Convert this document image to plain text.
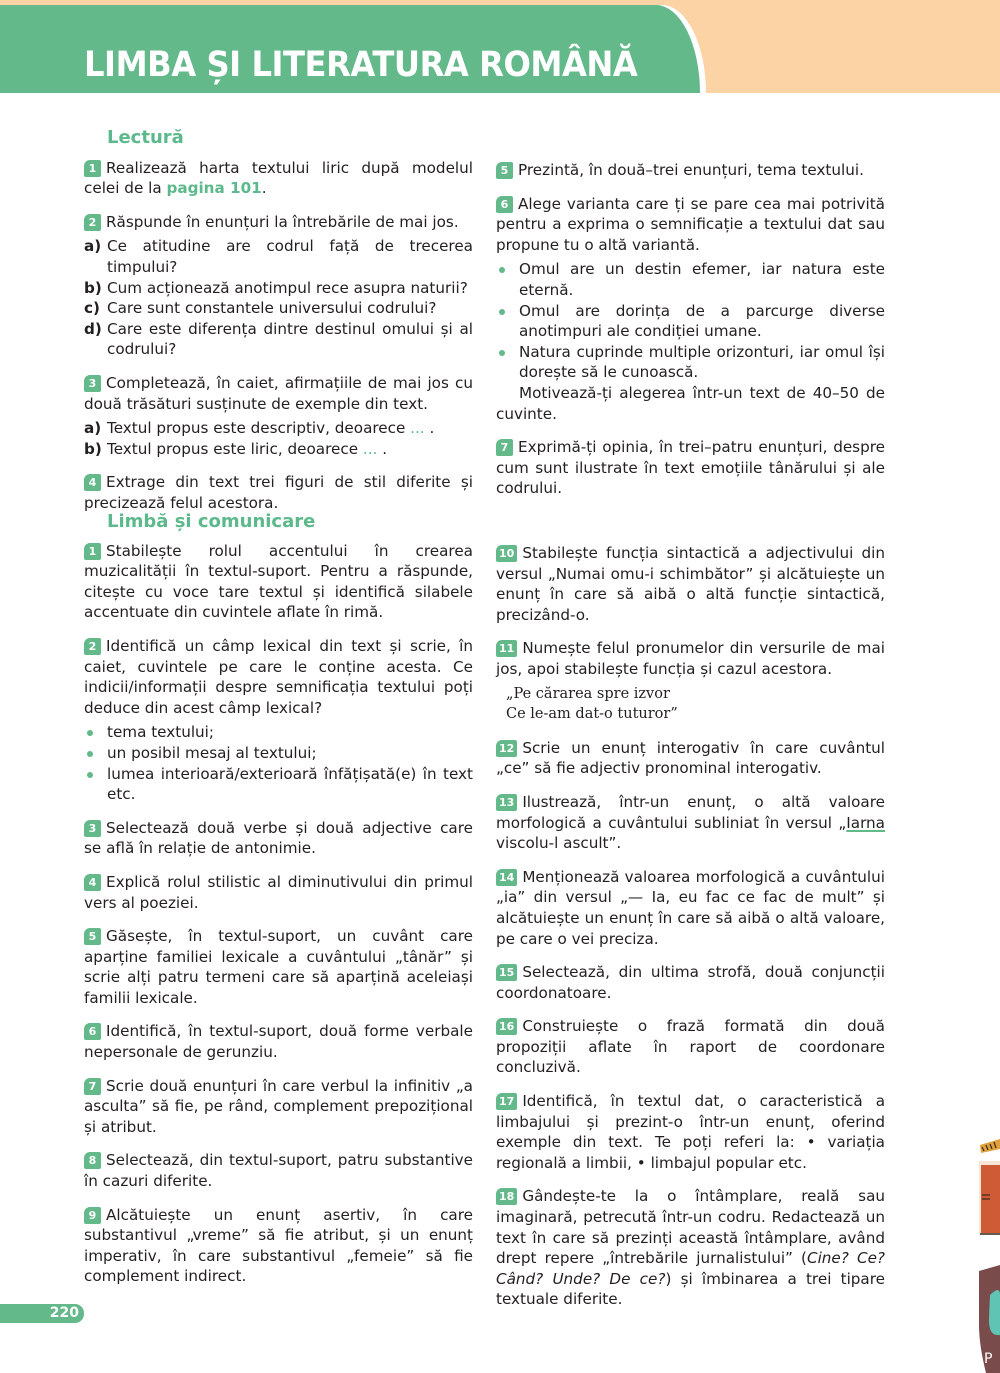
LIMBA ȘI LITERATURA ROMÂNĂ
Lectură

1 Realizează harta textului liric după modelul celei de la pagina 101.

2 Răspunde în enunțuri la întrebările de mai jos.

a) Ce atitudine are codrul față de trecerea timpului?
b) Cum acționează anotimpul rece asupra naturii?
c) Care sunt constantele universului codrului?
d) Care este diferența dintre destinul omului și al codrului?

3 Completează, în caiet, afirmațiile de mai jos cu două trăsături susținute de exemple din text.

a) Textul propus este descriptiv, deoarece ... .
b) Textul propus este liric, deoarece ... .

4 Extrage din text trei figuri de stil diferite și precizează felul acestora.

5 Prezintă, în două–trei enunțuri, tema textului.

6 Alege varianta care ți se pare cea mai potrivită pentru a exprima o semnificație a textului dat sau propune tu o altă variantă.

Omul are un destin efemer, iar natura este eternă.
Omul are dorința de a parcurge diverse anotimpuri ale condiției umane.
Natura cuprinde multiple orizonturi, iar omul își dorește să le cunoască.

Motivează-ți alegerea într-un text de 40–50 de cuvinte.

7 Exprimă-ți opinia, în trei–patru enunțuri, despre cum sunt ilustrate în text emoțiile tânărului și ale codrului.

Limbă și comunicare

1 Stabilește rolul accentului în crearea muzicalității în textul-suport. Pentru a răspunde, citește cu voce tare textul și identifică silabele accentuate din cuvintele aflate în rimă.

2 Identifică un câmp lexical din text și scrie, în caiet, cuvintele pe care le conține acesta. Ce indicii/informații despre semnificația textului poți deduce din acest câmp lexical?

tema textului;
un posibil mesaj al textului;
lumea interioară/exterioară înfățișată(e) în text etc.

3 Selectează două verbe și două adjective care se află în relație de antonimie.

4 Explică rolul stilistic al diminutivului din primul vers al poeziei.

5 Găsește, în textul-suport, un cuvânt care aparține familiei lexicale a cuvântului „tânăr” și scrie alți patru termeni care să aparțină aceleiași familii lexicale.

6 Identifică, în textul-suport, două forme verbale nepersonale de gerunziu.

7 Scrie două enunțuri în care verbul la infinitiv „a asculta” să fie, pe rând, complement prepozițional și atribut.

8 Selectează, din textul-suport, patru substantive în cazuri diferite.

9 Alcătuiește un enunț asertiv, în care substantivul „vreme” să fie atribut, și un enunț imperativ, în care substantivul „femeie” să fie complement indirect.

10 Stabilește funcția sintactică a adjectivului din versul „Numai omu-i schimbător” și alcătuiește un enunț în care să aibă o altă funcție sintactică, precizând-o.

11 Numește felul pronumelor din versurile de mai jos, apoi stabilește funcția și cazul acestora.

„Pe cărarea spre izvor
Ce le-am dat-o tuturor”

12 Scrie un enunț interogativ în care cuvântul „ce” să fie adjectiv pronominal interogativ.

13 Ilustrează, într-un enunț, o altă valoare morfologică a cuvântului subliniat în versul „Iarna viscolu-l ascult”.

14 Menționează valoarea morfologică a cuvântului „ia” din versul „— Ia, eu fac ce fac de mult” și alcătuiește un enunț în care să aibă o altă valoare, pe care o vei preciza.

15 Selectează, din ultima strofă, două conjuncții coordonatoare.

16 Construiește o frază formată din două propoziții aflate în raport de coordonare concluzivă.

17 Identifică, în textul dat, o caracteristică a limbajului și prezint-o într-un enunț, oferind exemple din text. Te poți referi la: • variația regională a limbii, • limbajul popular etc.

18 Gândește-te la o întâmplare, reală sau imaginară, petrecută într-un codru. Redactează un text în care să prezinți această întâmplare, având drept repere „întrebările jurnalistului” (Cine? Ce? Când? Unde? De ce?) și îmbinarea a trei tipare textuale diferite.

220
P
